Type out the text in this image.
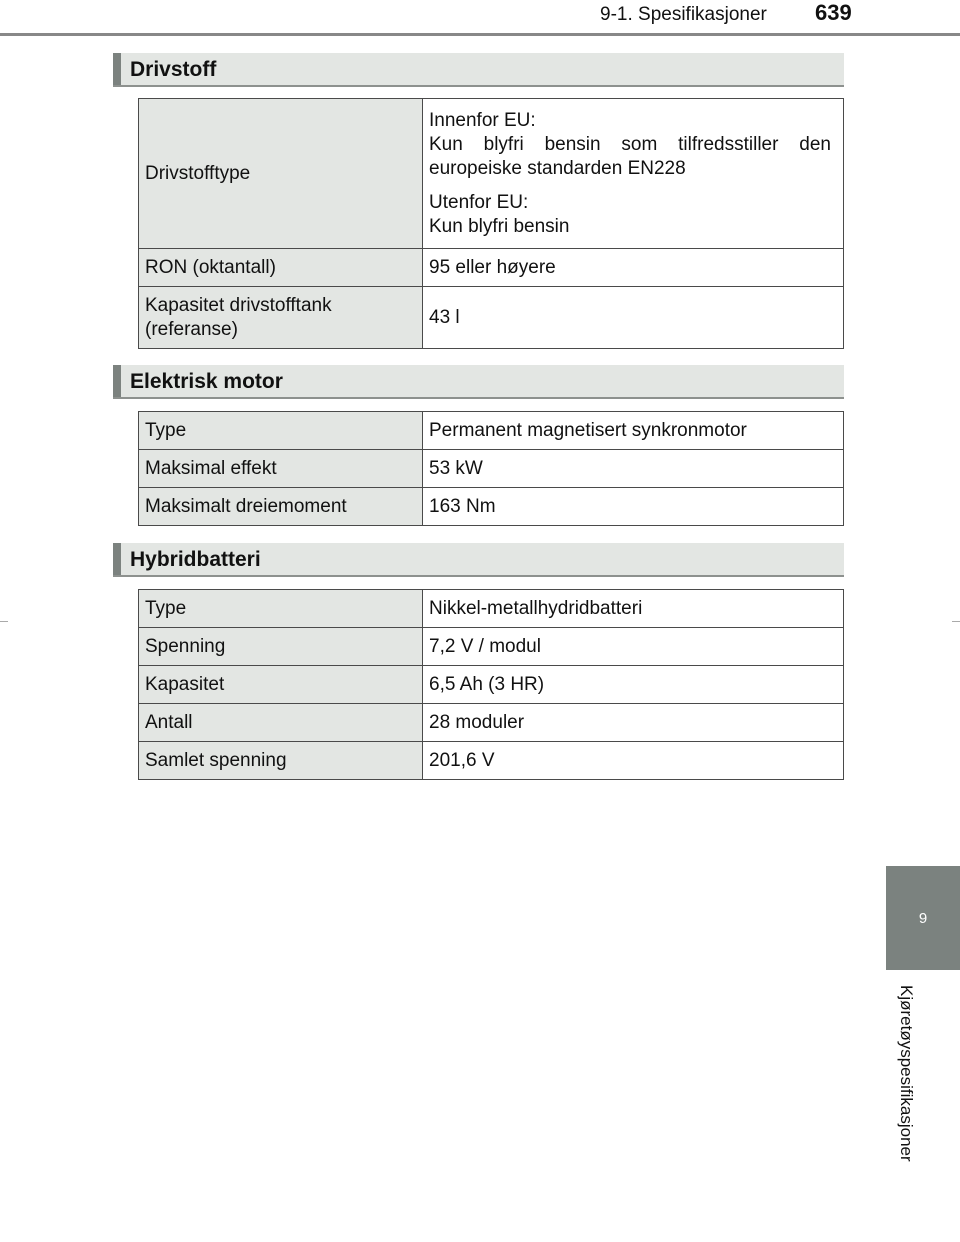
9-1. Spesifikasjoner	639
9
Kjøretøyspesifikasjoner
Drivstoff
Drivstofftype	Innenfor EU:

Kun blyfri bensin som tilfredsstiller den
europeiske standarden EN228

Utenfor EU:
Kun blyfri bensin

RON (oktantall)	95 eller høyere
Kapasitet drivstofftank
(referanse)	43 l
Elektrisk motor
Type	Permanent magnetisert synkronmotor
Maksimal effekt	53 kW
Maksimalt dreiemoment	163 Nm
Hybridbatteri
Type	Nikkel-metallhydridbatteri
Spenning	7,2 V / modul
Kapasitet	6,5 Ah (3 HR)
Antall	28 moduler
Samlet spenning	201,6 V
